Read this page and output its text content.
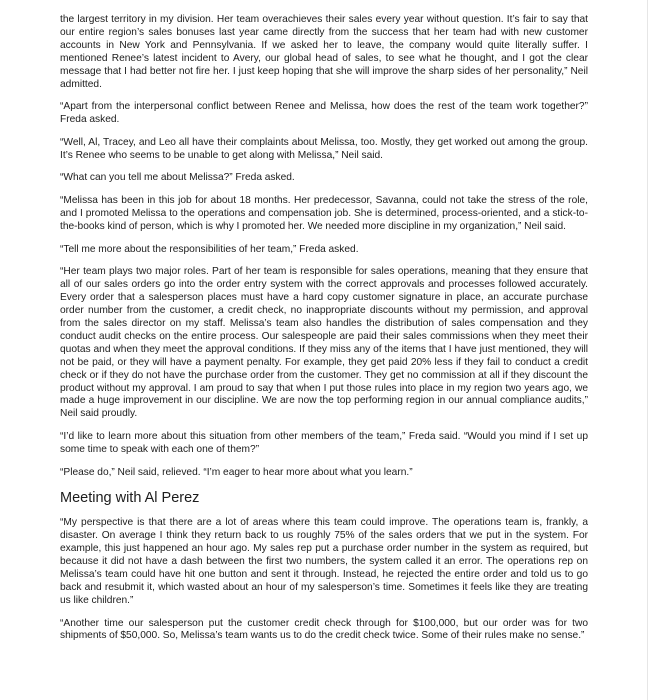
the largest territory in my division. Her team overachieves their sales every year without question. It’s fair to say that our entire region’s sales bonuses last year came directly from the success that her team had with new customer accounts in New York and Pennsylvania. If we asked her to leave, the company would quite literally suffer. I mentioned Renee’s latest incident to Avery, our global head of sales, to see what he thought, and I got the clear message that I had better not fire her. I just keep hoping that she will improve the sharp sides of her personality,” Neil admitted.

“Apart from the interpersonal conflict between Renee and Melissa, how does the rest of the team work together?” Freda asked.

“Well, Al, Tracey, and Leo all have their complaints about Melissa, too. Mostly, they get worked out among the group. It’s Renee who seems to be unable to get along with Melissa,” Neil said.

“What can you tell me about Melissa?” Freda asked.

“Melissa has been in this job for about 18 months. Her predecessor, Savanna, could not take the stress of the role, and I promoted Melissa to the operations and compensation job. She is determined, process-oriented, and a stick-to-the-books kind of person, which is why I promoted her. We needed more discipline in my organization,” Neil said.

“Tell me more about the responsibilities of her team,” Freda asked.

“Her team plays two major roles. Part of her team is responsible for sales operations, meaning that they ensure that all of our sales orders go into the order entry system with the correct approvals and processes followed accurately. Every order that a salesperson places must have a hard copy customer signature in place, an accurate purchase order number from the customer, a credit check, no inappropriate discounts without my permission, and approval from the sales director on my staff. Melissa’s team also handles the distribution of sales compensation and they conduct audit checks on the entire process. Our salespeople are paid their sales commissions when they meet their quotas and when they meet the approval conditions. If they miss any of the items that I have just mentioned, they will not be paid, or they will have a payment penalty. For example, they get paid 20% less if they fail to conduct a credit check or if they do not have the purchase order from the customer. They get no commission at all if they discount the product without my approval. I am proud to say that when I put those rules into place in my region two years ago, we made a huge improvement in our discipline. We are now the top performing region in our annual compliance audits,” Neil said proudly.

“I’d like to learn more about this situation from other members of the team,” Freda said. “Would you mind if I set up some time to speak with each one of them?”

“Please do,” Neil said, relieved. “I’m eager to hear more about what you learn.”

Meeting with Al Perez

“My perspective is that there are a lot of areas where this team could improve. The operations team is, frankly, a disaster. On average I think they return back to us roughly 75% of the sales orders that we put in the system. For example, this just happened an hour ago. My sales rep put a purchase order number in the system as required, but because it did not have a dash between the first two numbers, the system called it an error. The operations rep on Melissa’s team could have hit one button and sent it through. Instead, he rejected the entire order and told us to go back and resubmit it, which wasted about an hour of my salesperson’s time. Sometimes it feels like they are treating us like children.”

“Another time our salesperson put the customer credit check through for $100,000, but our order was for two shipments of $50,000. So, Melissa’s team wants us to do the credit check twice. Some of their rules make no sense.”
